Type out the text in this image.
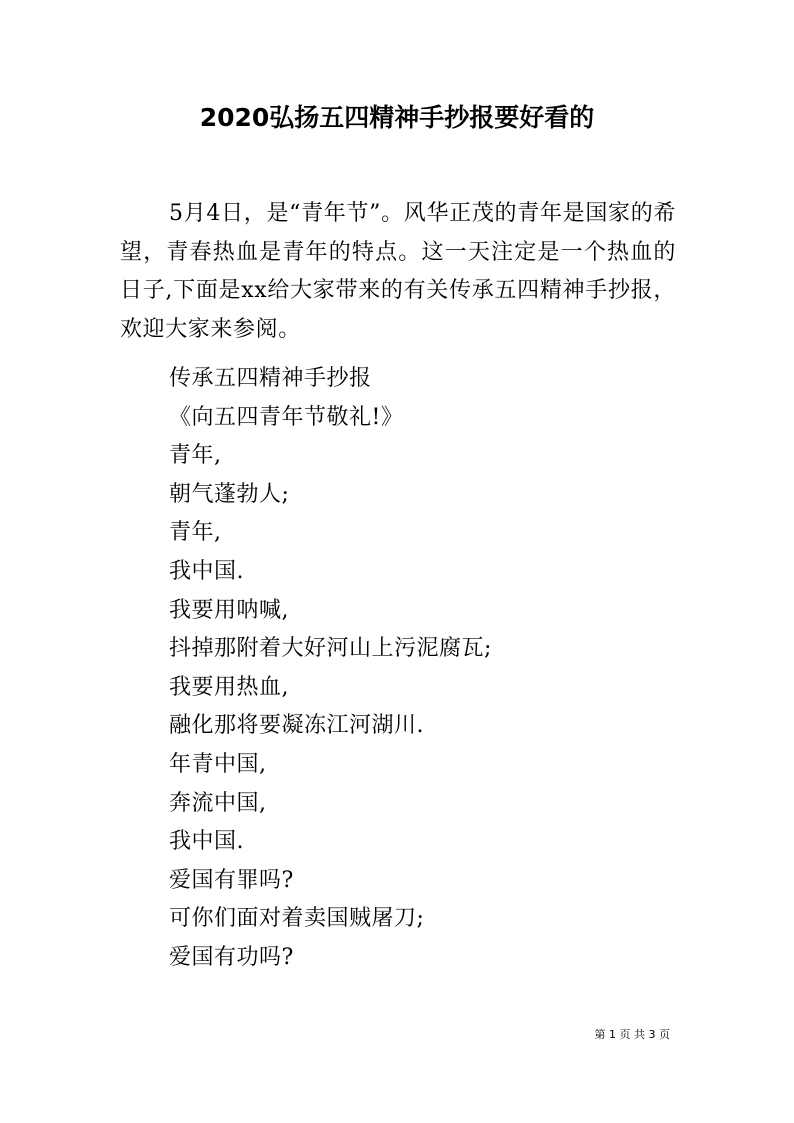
2020弘扬五四精神手抄报要好看的

5月4日，是“青年节”。风华正茂的青年是国家的希望，青春热血是青年的特点。这一天注定是一个热血的日子,下面是xx给大家带来的有关传承五四精神手抄报，欢迎大家来参阅。

传承五四精神手抄报
《向五四青年节敬礼!》
青年,
朝气蓬勃人;
青年,
我中国.
我要用呐喊,
抖掉那附着大好河山上污泥腐瓦;
我要用热血,
融化那将要凝冻江河湖川.
年青中国,
奔流中国,
我中国.
爱国有罪吗?
可你们面对着卖国贼屠刀;
爱国有功吗?

第 1 页 共 3 页
